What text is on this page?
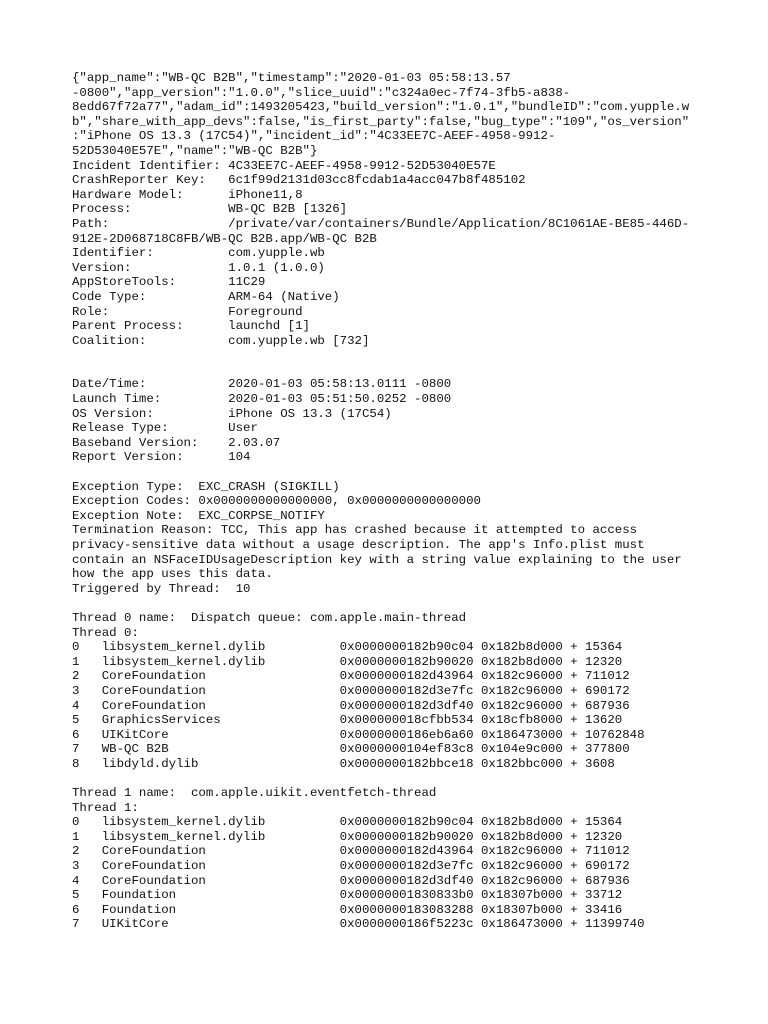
{"app_name":"WB-QC B2B","timestamp":"2020-01-03 05:58:13.57
-0800","app_version":"1.0.0","slice_uuid":"c324a0ec-7f74-3fb5-a838-
8edd67f72a77","adam_id":1493205423,"build_version":"1.0.1","bundleID":"com.yupple.w
b","share_with_app_devs":false,"is_first_party":false,"bug_type":"109","os_version"
:"iPhone OS 13.3 (17C54)","incident_id":"4C33EE7C-AEEF-4958-9912-
52D53040E57E","name":"WB-QC B2B"}
Incident Identifier: 4C33EE7C-AEEF-4958-9912-52D53040E57E
CrashReporter Key:   6c1f99d2131d03cc8fcdab1a4acc047b8f485102
Hardware Model:      iPhone11,8
Process:             WB-QC B2B [1326]
Path:                /private/var/containers/Bundle/Application/8C1061AE-BE85-446D-
912E-2D068718C8FB/WB-QC B2B.app/WB-QC B2B
Identifier:          com.yupple.wb
Version:             1.0.1 (1.0.0)
AppStoreTools:       11C29
Code Type:           ARM-64 (Native)
Role:                Foreground
Parent Process:      launchd [1]
Coalition:           com.yupple.wb [732]
Date/Time:           2020-01-03 05:58:13.0111 -0800
Launch Time:         2020-01-03 05:51:50.0252 -0800
OS Version:          iPhone OS 13.3 (17C54)
Release Type:        User
Baseband Version:    2.03.07
Report Version:      104
Exception Type:  EXC_CRASH (SIGKILL)
Exception Codes: 0x0000000000000000, 0x0000000000000000
Exception Note:  EXC_CORPSE_NOTIFY
Termination Reason: TCC, This app has crashed because it attempted to access
privacy-sensitive data without a usage description. The app's Info.plist must
contain an NSFaceIDUsageDescription key with a string value explaining to the user
how the app uses this data.
Triggered by Thread:  10
Thread 0 name:  Dispatch queue: com.apple.main-thread
Thread 0:
0   libsystem_kernel.dylib          0x0000000182b90c04 0x182b8d000 + 15364
1   libsystem_kernel.dylib          0x0000000182b90020 0x182b8d000 + 12320
2   CoreFoundation                  0x0000000182d43964 0x182c96000 + 711012
3   CoreFoundation                  0x0000000182d3e7fc 0x182c96000 + 690172
4   CoreFoundation                  0x0000000182d3df40 0x182c96000 + 687936
5   GraphicsServices                0x000000018cfbb534 0x18cfb8000 + 13620
6   UIKitCore                       0x0000000186eb6a60 0x186473000 + 10762848
7   WB-QC B2B                       0x0000000104ef83c8 0x104e9c000 + 377800
8   libdyld.dylib                   0x0000000182bbce18 0x182bbc000 + 3608
Thread 1 name:  com.apple.uikit.eventfetch-thread
Thread 1:
0   libsystem_kernel.dylib          0x0000000182b90c04 0x182b8d000 + 15364
1   libsystem_kernel.dylib          0x0000000182b90020 0x182b8d000 + 12320
2   CoreFoundation                  0x0000000182d43964 0x182c96000 + 711012
3   CoreFoundation                  0x0000000182d3e7fc 0x182c96000 + 690172
4   CoreFoundation                  0x0000000182d3df40 0x182c96000 + 687936
5   Foundation                      0x00000001830833b0 0x18307b000 + 33712
6   Foundation                      0x0000000183083288 0x18307b000 + 33416
7   UIKitCore                       0x0000000186f5223c 0x186473000 + 11399740
